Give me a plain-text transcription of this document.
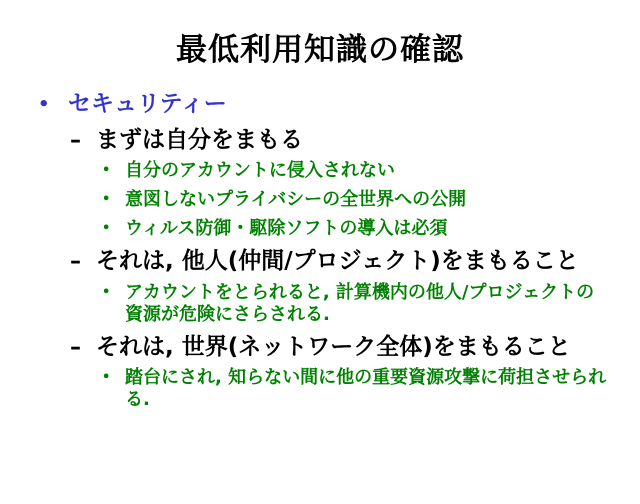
最低利用知識の確認
• セキュリティー
– まずは自分をまもる
• 自分のアカウントに侵入されない
• 意図しないプライバシーの全世界への公開
• ウィルス防御・駆除ソフトの導入は必須
– それは, 他人(仲間/プロジェクト)をまもること
• アカウントをとられると, 計算機内の他人/プロジェクトの資源が危険にさらされる.
– それは, 世界(ネットワーク全体)をまもること
• 踏台にされ, 知らない間に他の重要資源攻撃に荷担させられる.
